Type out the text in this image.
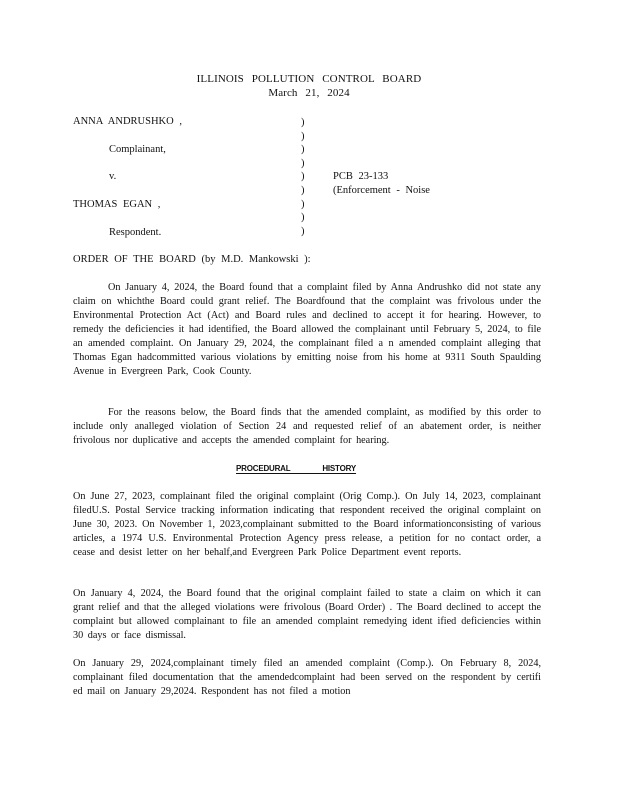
ILLINOIS POLLUTION CONTROL BOARD
March 21, 2024
ANNA ANDRUSHKO ,
Complainant,
v.
THOMAS EGAN ,
Respondent.
)
)
)
)
)
)
)
)
)
PCB 23-133
(Enforcement - Noise
ORDER OF THE BOARD (by M.D. Mankowski ):

On January 4, 2024, the Board found that a complaint filed by Anna Andrushko did not state any claim on whichthe Board could grant relief. The Boardfound that the complaint was frivolous under the Environmental Protection Act (Act) and Board rules and declined to accept it for hearing. However, to remedy the deficiencies it had identified, the Board allowed the complainant until February 5, 2024, to file an amended complaint. On January 29, 2024, the complainant filed a n amended complaint alleging that Thomas Egan hadcommitted various violations by emitting noise from his home at 9311 South Spaulding Avenue in Evergreen Park, Cook County.

For the reasons below, the Board finds that the amended complaint, as modified by this order to include only analleged violation of Section 24 and requested relief of an abatement order, is neither frivolous nor duplicative and accepts the amended complaint for hearing.

PROCEDURAL HISTORY

On June 27, 2023, complainant filed the original complaint (Orig Comp.). On July 14, 2023, complainant filedU.S. Postal Service tracking information indicating that respondent received the original complaint on June 30, 2023. On November 1, 2023,complainant submitted to the Board informationconsisting of various articles, a 1974 U.S. Environmental Protection Agency press release, a petition for no contact order, a cease and desist letter on her behalf,and Evergreen Park Police Department event reports.

On January 4, 2024, the Board found that the original complaint failed to state a claim on which it can grant relief and that the alleged violations were frivolous (Board Order) . The Board declined to accept the complaint but allowed complainant to file an amended complaint remedying ident ified deficiencies within 30 days or face dismissal.

On January 29, 2024,complainant timely filed an amended complaint (Comp.). On February 8, 2024, complainant filed documentation that the amendedcomplaint had been served on the respondent by certifi ed mail on January 29,2024. Respondent has not filed a motion
